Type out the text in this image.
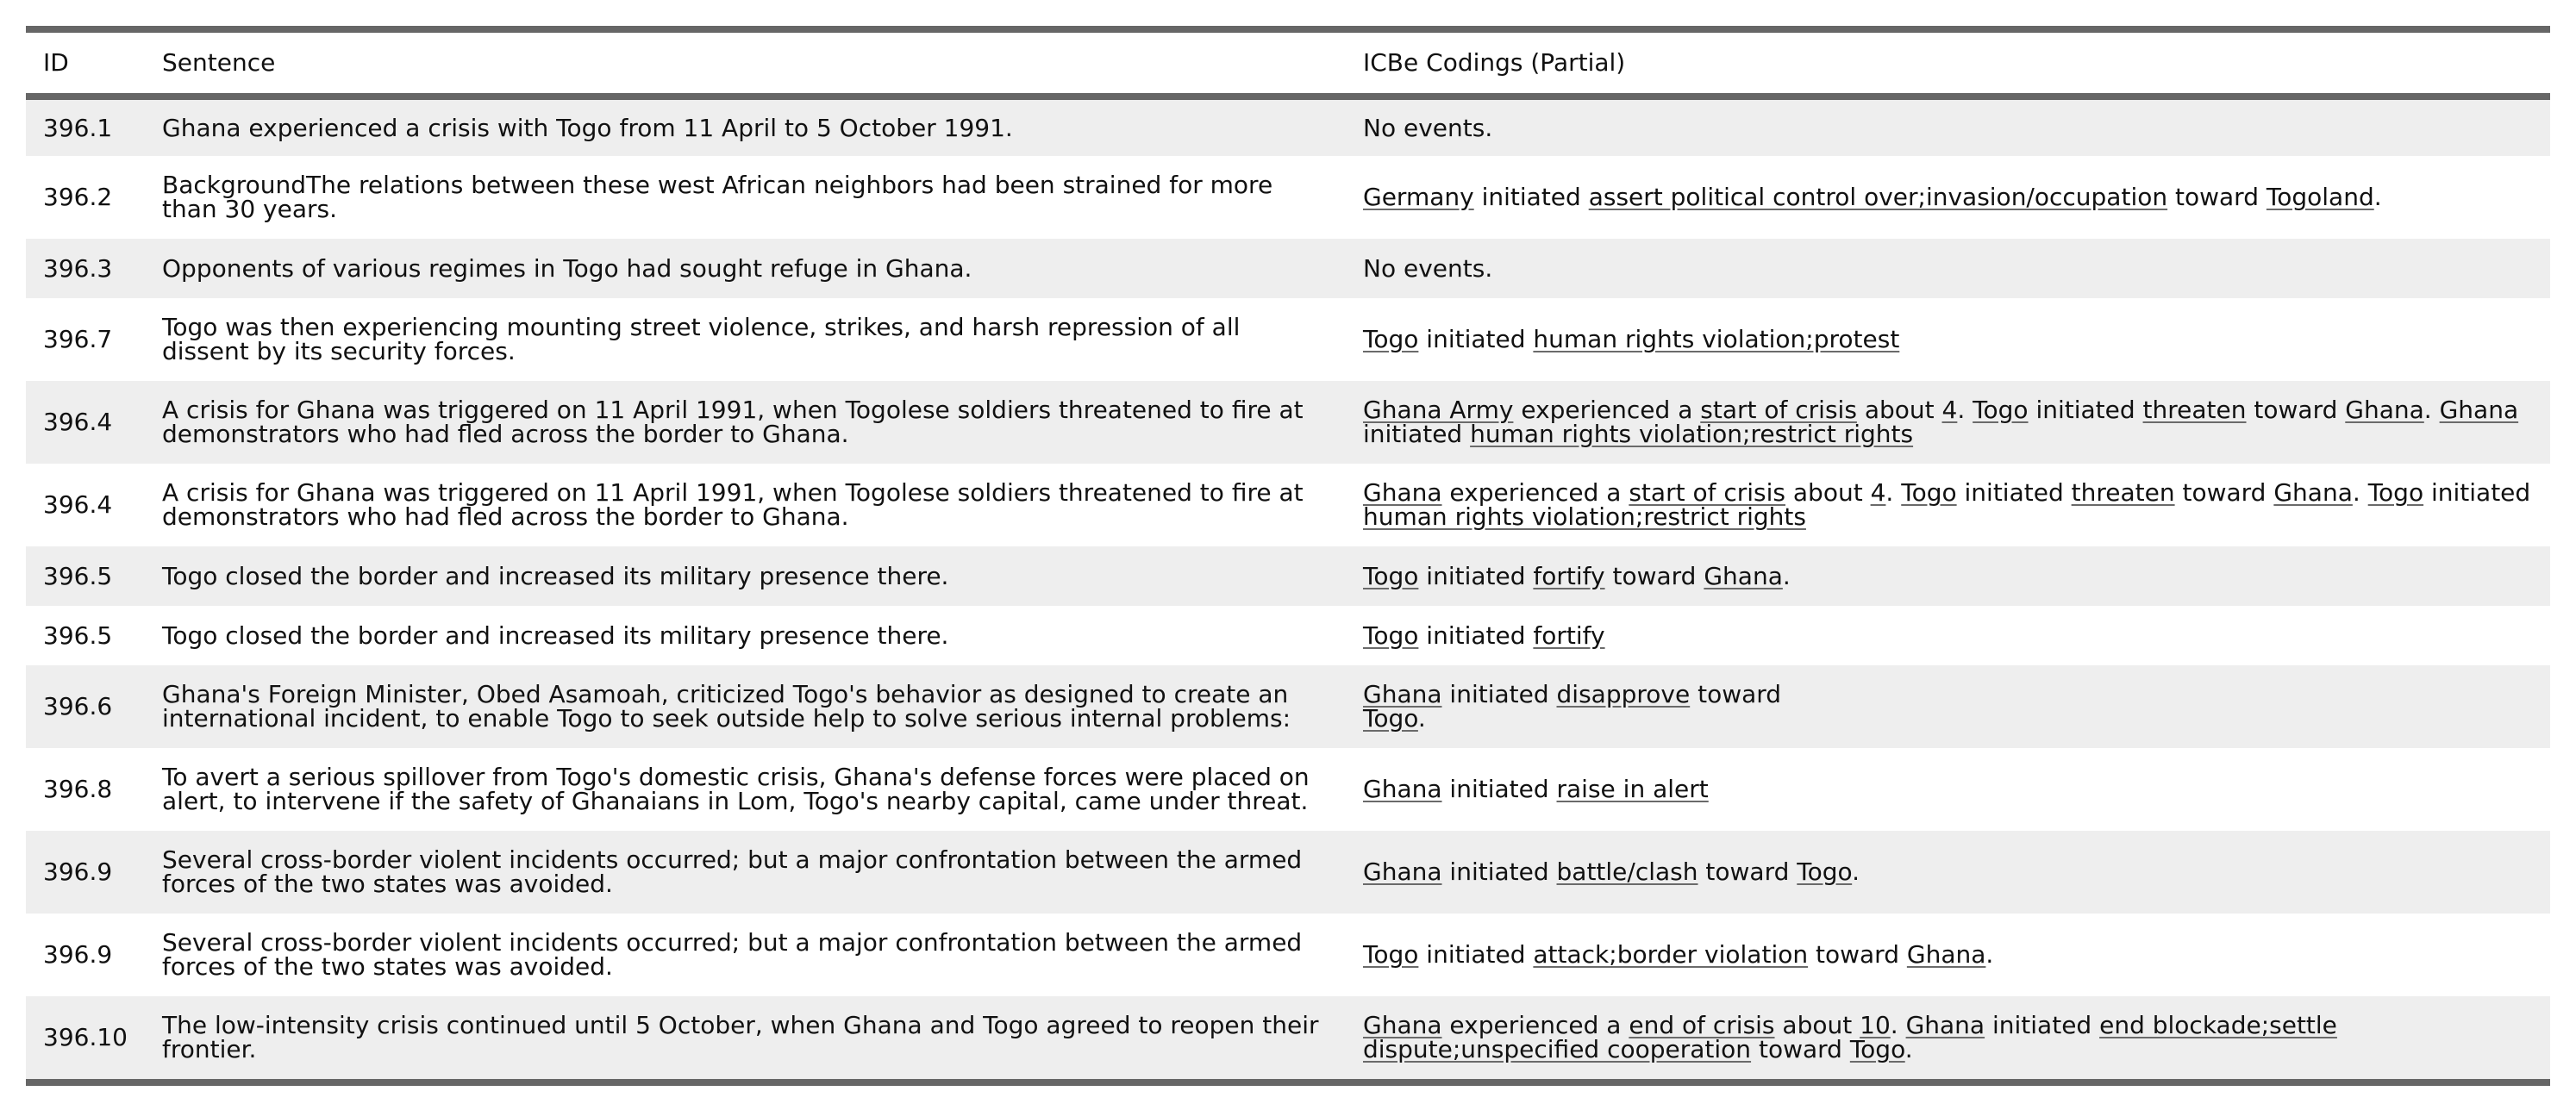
ID	Sentence	ICBe Codings (Partial)
396.1	Ghana experienced a crisis with Togo from 11 April to 5 October 1991.	No events.
396.2	BackgroundThe relations between these west African neighbors had been strained for more than 30 years.	Germany initiated assert political control over;invasion/occupation toward Togoland.
396.3	Opponents of various regimes in Togo had sought refuge in Ghana.	No events.
396.7	Togo was then experiencing mounting street violence, strikes, and harsh repression of all dissent by its security forces.	Togo initiated human rights violation;protest
396.4	A crisis for Ghana was triggered on 11 April 1991, when Togolese soldiers threatened to fire at demonstrators who had fled across the border to Ghana.	Ghana Army experienced a start of crisis about 4. Togo initiated threaten toward Ghana. Ghana initiated human rights violation;restrict rights
396.4	A crisis for Ghana was triggered on 11 April 1991, when Togolese soldiers threatened to fire at demonstrators who had fled across the border to Ghana.	Ghana experienced a start of crisis about 4. Togo initiated threaten toward Ghana. Togo initiated human rights violation;restrict rights
396.5	Togo closed the border and increased its military presence there.	Togo initiated fortify toward Ghana.
396.5	Togo closed the border and increased its military presence there.	Togo initiated fortify
396.6	Ghana's Foreign Minister, Obed Asamoah, criticized Togo's behavior as designed to create an international incident, to enable Togo to seek outside help to solve serious internal problems:	Ghana initiated disapprove toward
Togo.
396.8	To avert a serious spillover from Togo's domestic crisis, Ghana's defense forces were placed on alert, to intervene if the safety of Ghanaians in Lom, Togo's nearby capital, came under threat.	Ghana initiated raise in alert
396.9	Several cross-border violent incidents occurred; but a major confrontation between the armed forces of the two states was avoided.	Ghana initiated battle/clash toward Togo.
396.9	Several cross-border violent incidents occurred; but a major confrontation between the armed forces of the two states was avoided.	Togo initiated attack;border violation toward Ghana.
396.10	The low-intensity crisis continued until 5 October, when Ghana and Togo agreed to reopen their frontier.	Ghana experienced a end of crisis about 10. Ghana initiated end blockade;settle dispute;unspecified cooperation toward Togo.
